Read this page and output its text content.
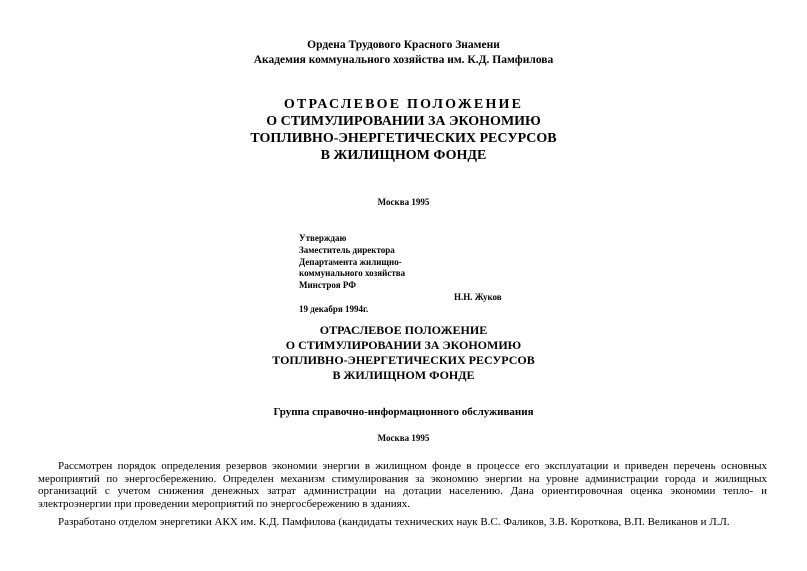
Ордена Трудового Красного Знамени
Академия коммунального хозяйства им. К.Д. Памфилова
ОТРАСЛЕВОЕ ПОЛОЖЕНИЕ
О СТИМУЛИРОВАНИИ ЗА ЭКОНОМИЮ
ТОПЛИВНО-ЭНЕРГЕТИЧЕСКИХ РЕСУРСОВ
В ЖИЛИЩНОМ ФОНДЕ
Москва 1995
Утверждаю
Заместитель директора
Департамента жилищно-
коммунального хозяйства
Минстроя РФ
Н.Н. Жуков
19 декабря 1994г.
ОТРАСЛЕВОЕ ПОЛОЖЕНИЕ
О СТИМУЛИРОВАНИИ ЗА ЭКОНОМИЮ
ТОПЛИВНО-ЭНЕРГЕТИЧЕСКИХ РЕСУРСОВ
В ЖИЛИЩНОМ ФОНДЕ
Группа справочно-информационного обслуживания
Москва 1995
Рассмотрен порядок определения резервов экономии энергии в жилищном фонде в процессе его эксплуатации и приведен перечень основных мероприятий по энергосбережению. Определен механизм стимулирования за экономию энергии на уровне администрации города и жилищных организаций с учетом снижения денежных затрат администрации на дотации населению. Дана ориентировочная оценка экономии тепло- и электроэнергии при проведении мероприятий по энергосбережению в зданиях.
Разработано отделом энергетики АКХ им. К.Д. Памфилова (кандидаты технических наук В.С. Фаликов, З.В. Короткова, В.П. Великанов и Л.Л.
